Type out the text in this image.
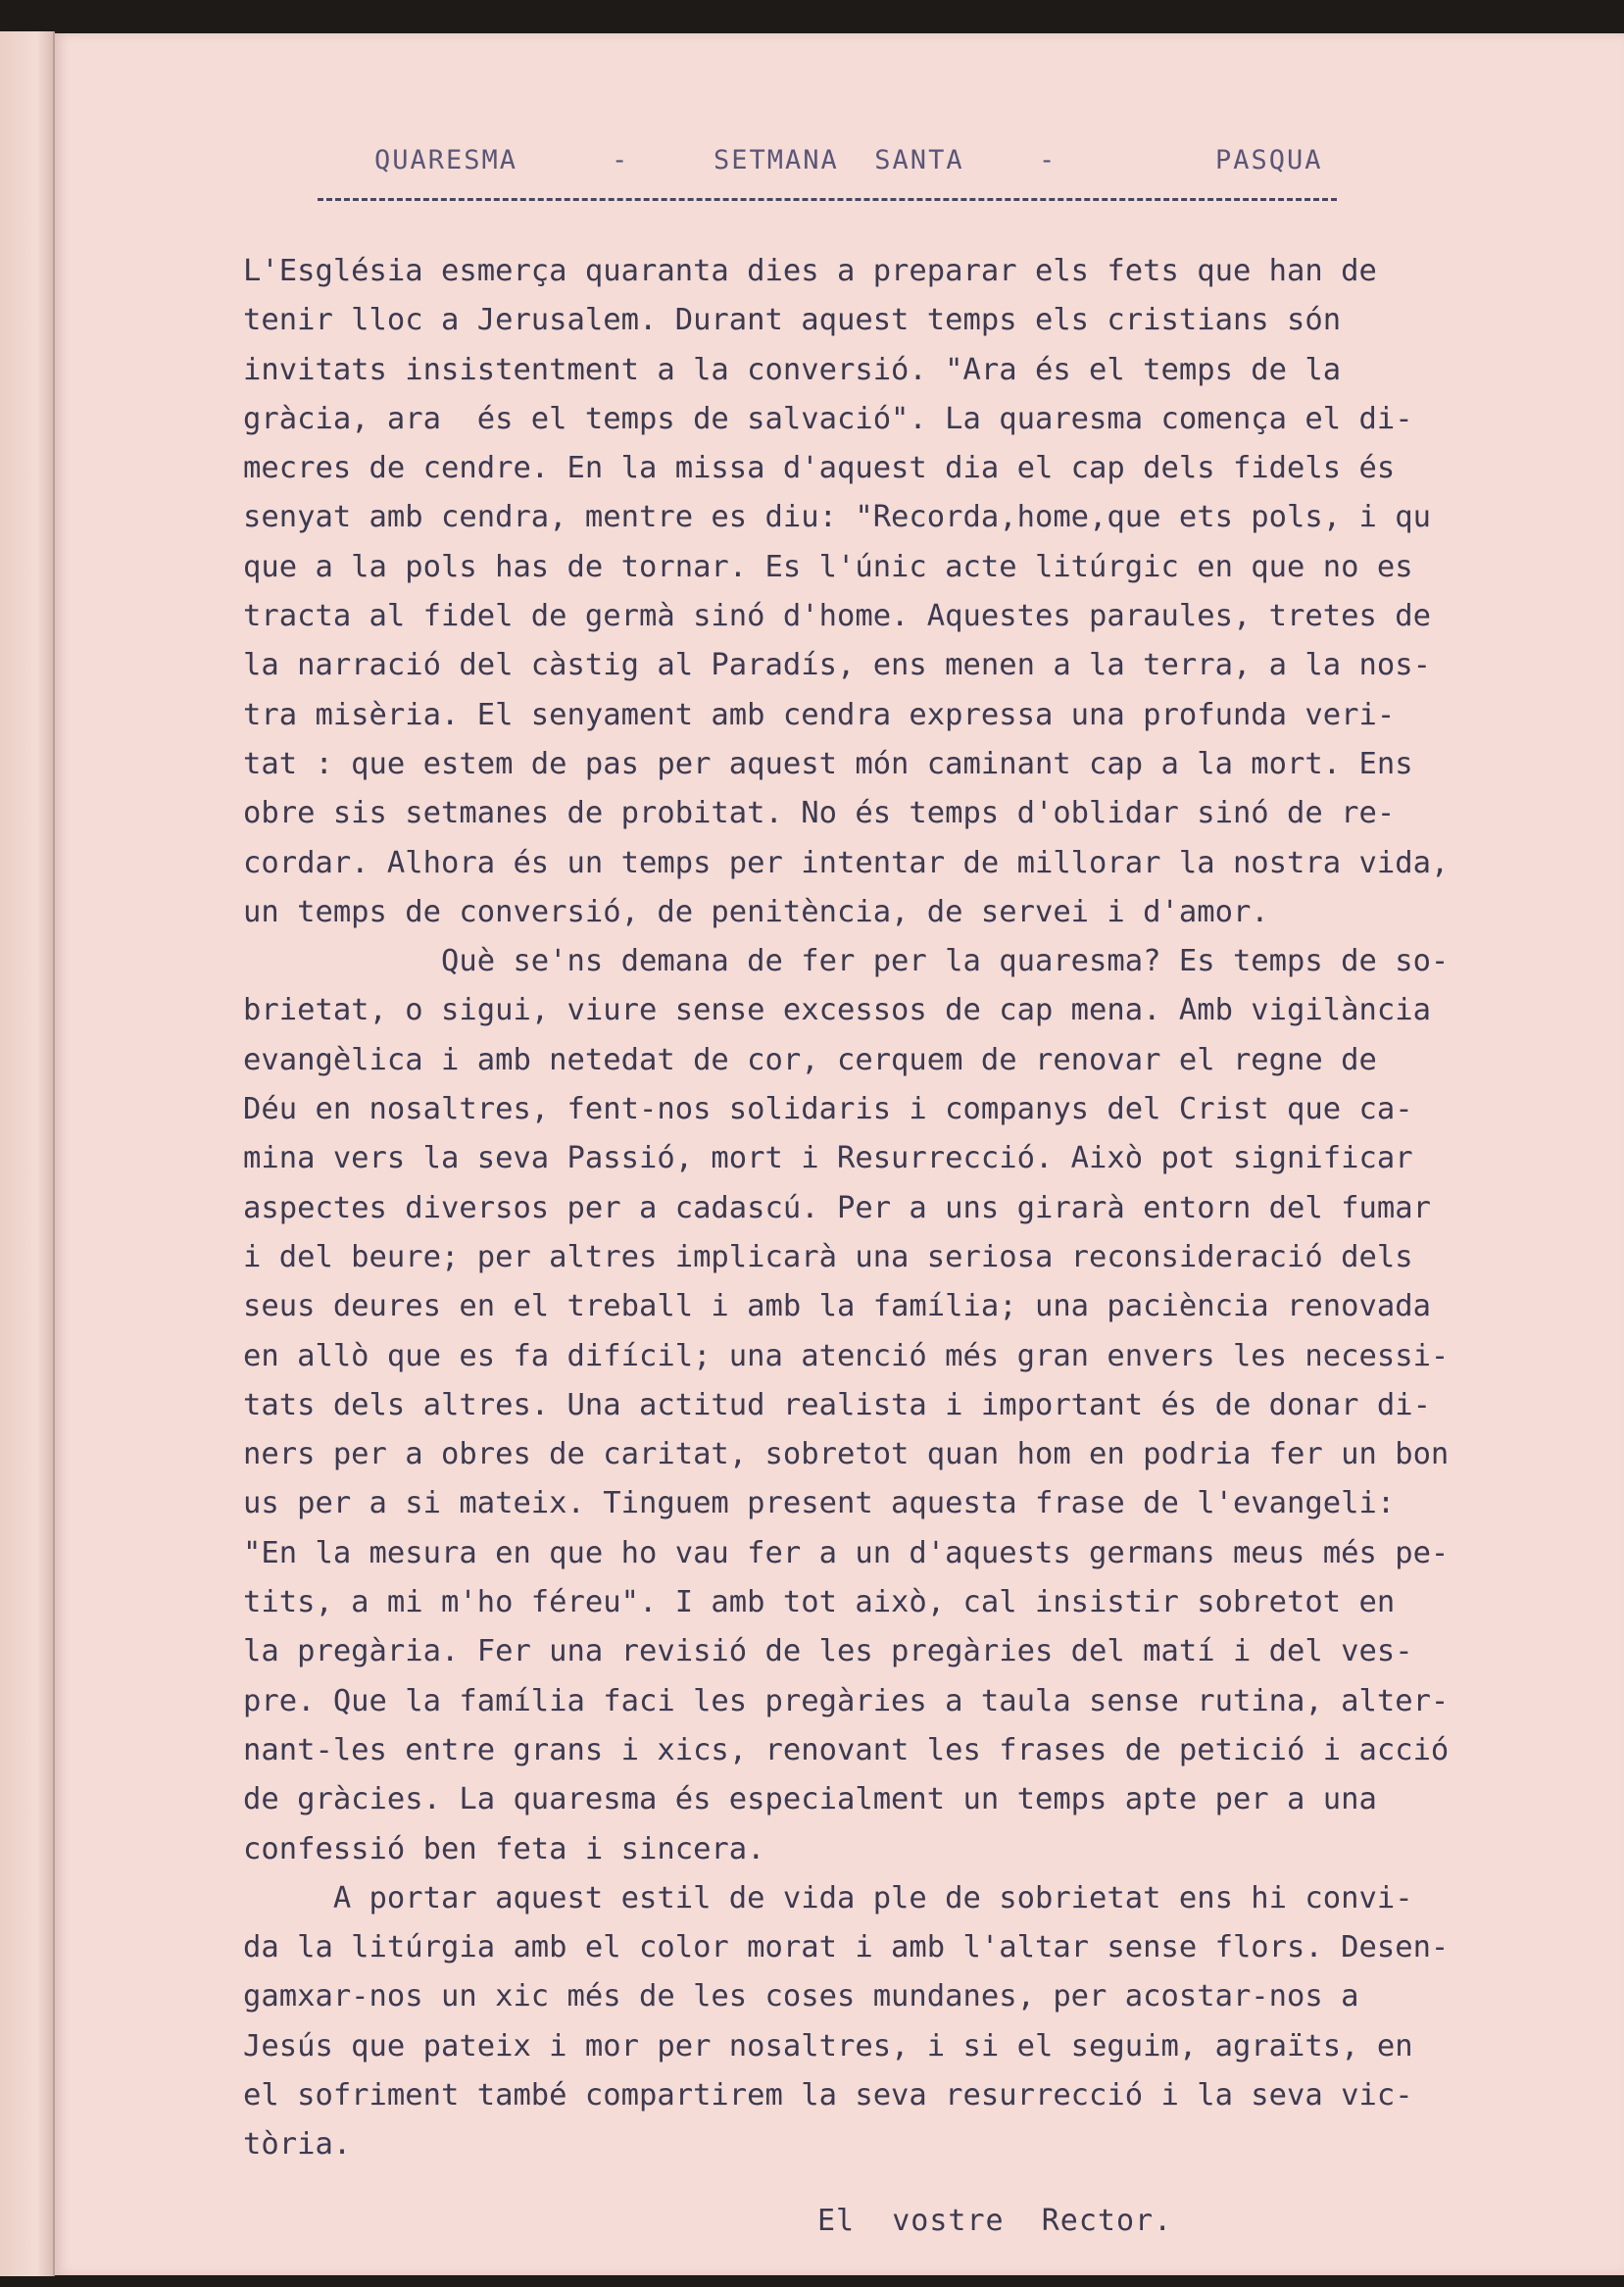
QUARESMA	-	SETMANA  SANTA	-	PASQUA

L'Església esmerça quaranta dies a preparar els fets que han de

tenir lloc a Jerusalem. Durant aquest temps els cristians són

invitats insistentment a la conversió. "Ara és el temps de la

gràcia, ara  és el temps de salvació". La quaresma comença el di-

mecres de cendre. En la missa d'aquest dia el cap dels fidels és

senyat amb cendra, mentre es diu: "Recorda,home,que ets pols, i qu

que a la pols has de tornar. Es l'únic acte litúrgic en que no es

tracta al fidel de germà sinó d'home. Aquestes paraules, tretes de

la narració del càstig al Paradís, ens menen a la terra, a la nos-

tra misèria. El senyament amb cendra expressa una profunda veri-

tat : que estem de pas per aquest món caminant cap a la mort. Ens

obre sis setmanes de probitat. No és temps d'oblidar sinó de re-

cordar. Alhora és un temps per intentar de millorar la nostra vida,

un temps de conversió, de penitència, de servei i d'amor.

Què se'ns demana de fer per la quaresma? Es temps de so-

brietat, o sigui, viure sense excessos de cap mena. Amb vigilància

evangèlica i amb netedat de cor, cerquem de renovar el regne de

Déu en nosaltres, fent-nos solidaris i companys del Crist que ca-

mina vers la seva Passió, mort i Resurrecció. Això pot significar

aspectes diversos per a cadascú. Per a uns girarà entorn del fumar

i del beure; per altres implicarà una seriosa reconsideració dels

seus deures en el treball i amb la família; una paciència renovada

en allò que es fa difícil; una atenció més gran envers les necessi-

tats dels altres. Una actitud realista i important és de donar di-

ners per a obres de caritat, sobretot quan hom en podria fer un bon

us per a si mateix. Tinguem present aquesta frase de l'evangeli:

"En la mesura en que ho vau fer a un d'aquests germans meus més pe-

tits, a mi m'ho féreu". I amb tot això, cal insistir sobretot en

la pregària. Fer una revisió de les pregàries del matí i del ves-

pre. Que la família faci les pregàries a taula sense rutina, alter-

nant-les entre grans i xics, renovant les frases de petició i acció

de gràcies. La quaresma és especialment un temps apte per a una

confessió ben feta i sincera.

A portar aquest estil de vida ple de sobrietat ens hi convi-

da la litúrgia amb el color morat i amb l'altar sense flors. Desen-

gamxar-nos un xic més de les coses mundanes, per acostar-nos a

Jesús que pateix i mor per nosaltres, i si el seguim, agraïts, en

el sofriment també compartirem la seva resurrecció i la seva vic-

tòria.

El  vostre  Rector.
